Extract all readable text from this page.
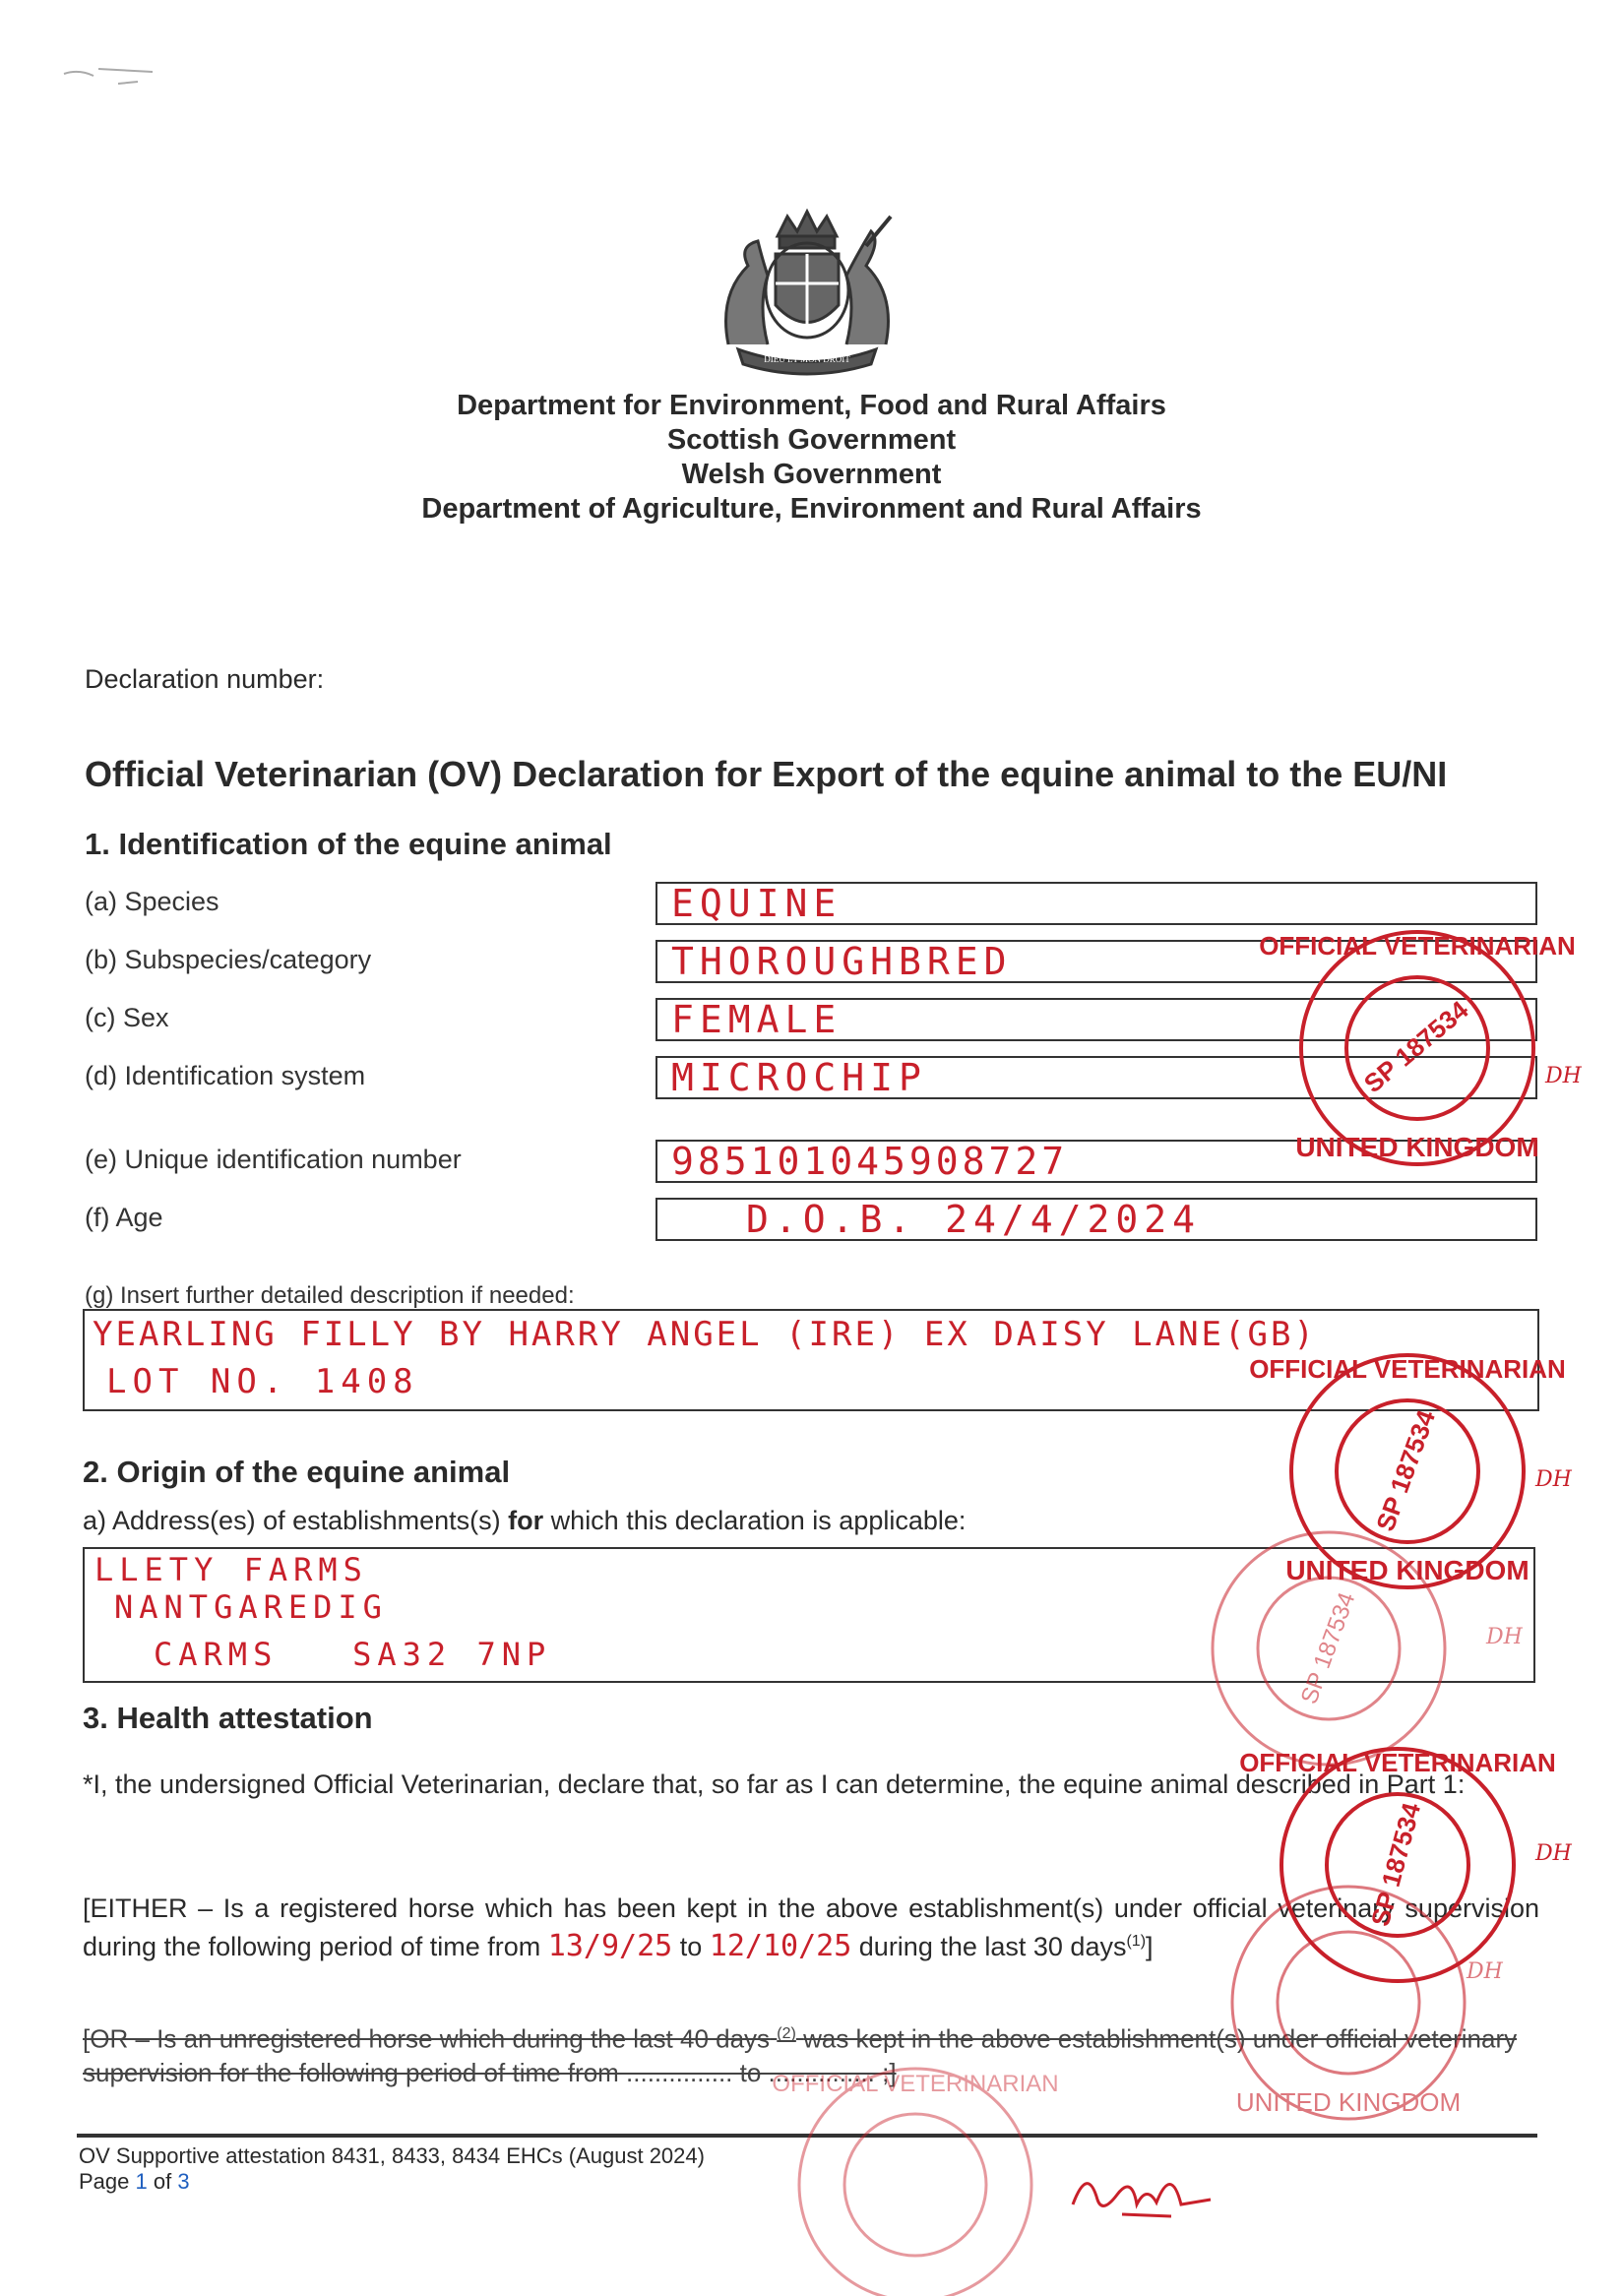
DIEU ET MON DROIT
Department for Environment, Food and Rural Affairs
Scottish Government
Welsh Government
Department of Agriculture, Environment and Rural Affairs
Declaration number:
Official Veterinarian (OV) Declaration for Export of the equine animal to the EU/NI
1. Identification of the equine animal
(a) Species	EQUINE
(b) Subspecies/category	THOROUGHBRED
(c) Sex	FEMALE
(d) Identification system	MICROCHIP
(e) Unique identification number	985101045908727
(f) Age	D.O.B. 24/4/2024
(g) Insert further detailed description if needed:
YEARLING FILLY BY HARRY ANGEL (IRE) EX DAISY LANE(GB)
LOT NO. 1408
2. Origin of the equine animal
a) Address(es) of establishments(s) for which this declaration is applicable:
LLETY FARMS
NANTGAREDIG
CARMS   SA32 7NP
3. Health attestation
*I, the undersigned Official Veterinarian, declare that, so far as I can determine, the equine animal described in Part 1:
[EITHER – Is a registered horse which has been kept in the above establishment(s) under official veterinary supervision during the following period of time from 13/9/25 to 12/10/25 during the last 30 days$^{(1)}$]
[OR – Is an unregistered horse which during the last 40 days $^{(2)}$ was kept in the above establishment(s) under official veterinary supervision for the following period of time from ............... to ............... ;]
OV Supportive attestation 8431, 8433, 8434 EHCs (August 2024)
Page 1 of 3
SP 187534
UNITED KINGDOM
OFFICIAL VETERINARIAN
DH
SP 187534
OFFICIAL VETERINARIAN
UNITED KINGDOM
DH
SP 187534	DH
SP 187534
OFFICIAL VETERINARIAN
DH
UNITED KINGDOM
DH
OFFICIAL VETERINARIAN
